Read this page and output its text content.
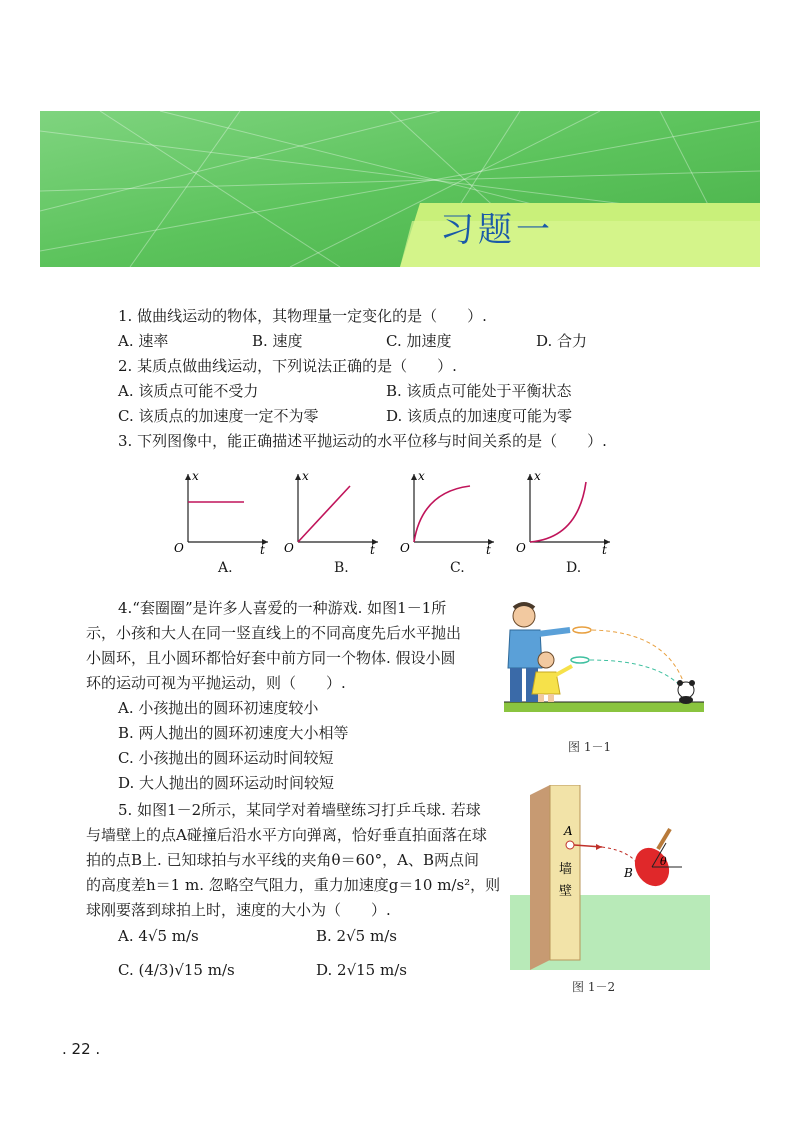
习题一
1. 做曲线运动的物体，其物理量一定变化的是（　　）.
A. 速率	B. 速度	C. 加速度	D. 合力
2. 某质点做曲线运动，下列说法正确的是（　　）.
A. 该质点可能不受力	B. 该质点可能处于平衡状态
C. 该质点的加速度一定不为零	D. 该质点的加速度可能为零
3. 下列图像中，能正确描述平抛运动的水平位移与时间关系的是（　　）.
x
O	t
A.
x
O	t
B.
x
O	t
C.
x
O	t
D.
4.“套圈圈”是许多人喜爱的一种游戏. 如图1－1所
示，小孩和大人在同一竖直线上的不同高度先后水平抛出
小圆环，且小圆环都恰好套中前方同一个物体. 假设小圆
环的运动可视为平抛运动，则（　　）.
A. 小孩抛出的圆环初速度较小
B. 两人抛出的圆环初速度大小相等
C. 小孩抛出的圆环运动时间较短
D. 大人抛出的圆环运动时间较短
图 1－1
5. 如图1－2所示，某同学对着墙壁练习打乒乓球. 若球
与墙壁上的点A碰撞后沿水平方向弹离，恰好垂直拍面落在球
拍的点B上. 已知球拍与水平线的夹角θ＝60°，A、B两点间
的高度差h＝1 m. 忽略空气阻力，重力加速度g＝10 m/s²，则
球刚要落到球拍上时，速度的大小为（　　）.
A. 4√5 m/s	B. 2√5 m/s
C. (4/3)√15 m/s	D. 2√15 m/s
墙
壁
A
θ
B
图 1－2
. 22 .
